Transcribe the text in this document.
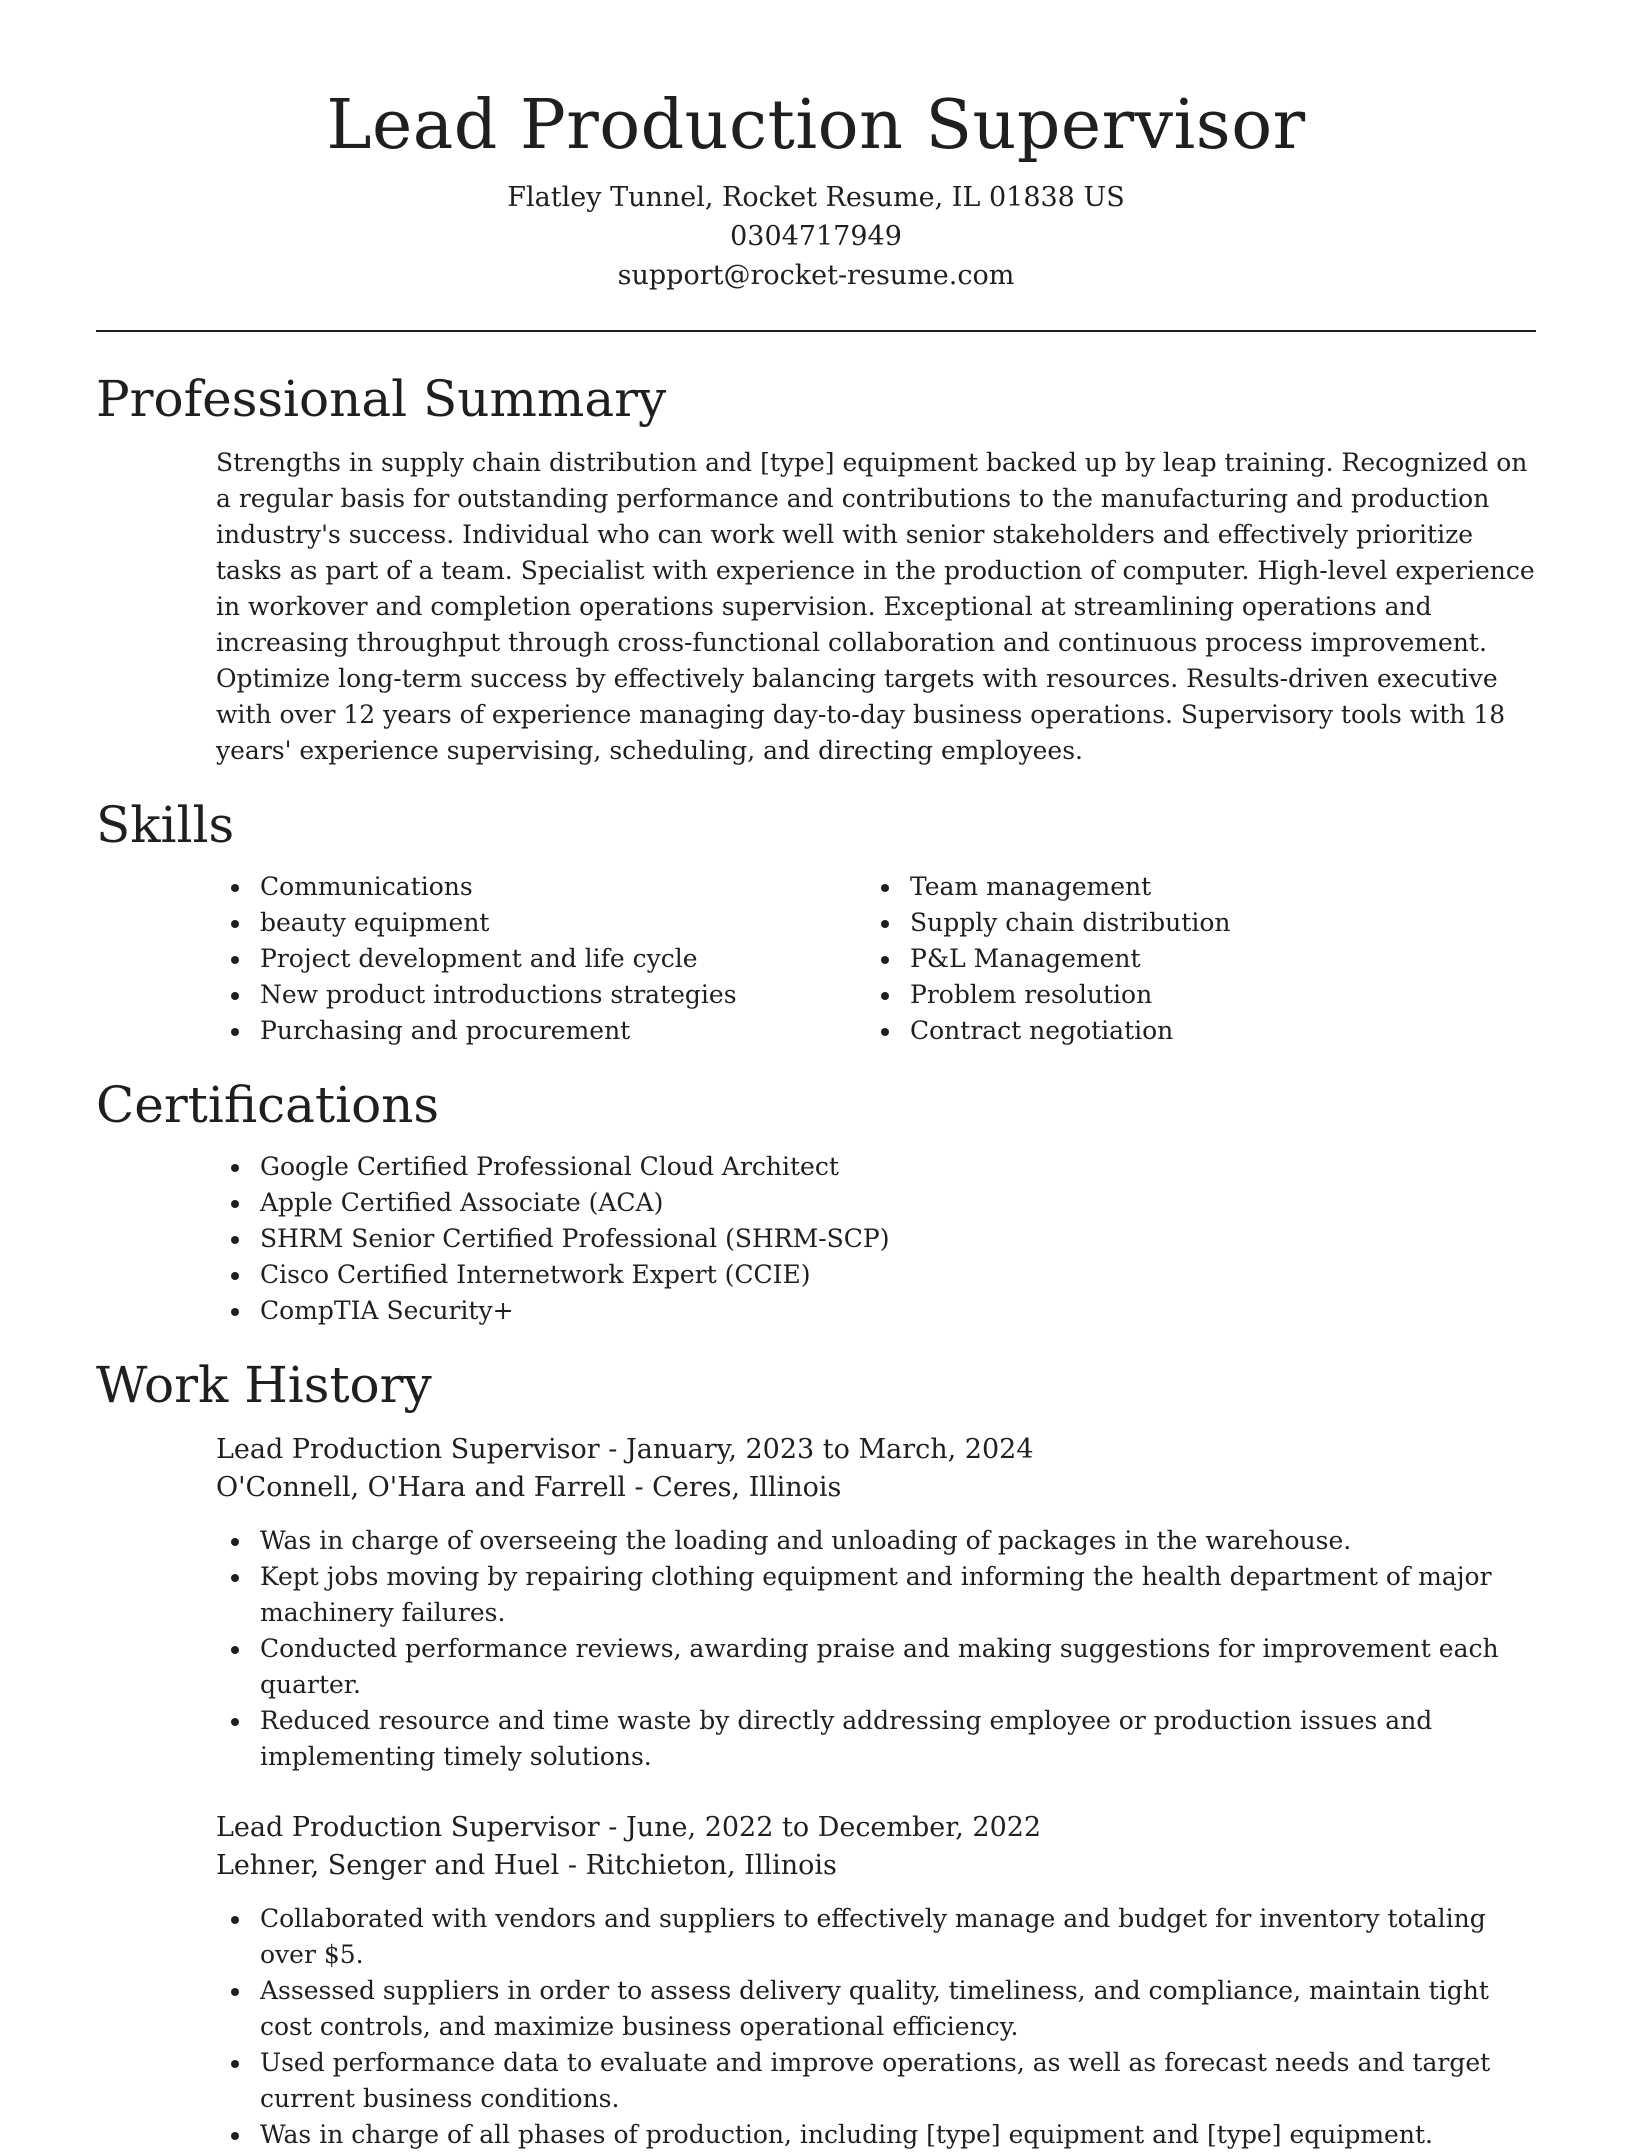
Lead Production Supervisor
Flatley Tunnel, Rocket Resume, IL 01838 US
0304717949
support@rocket-resume.com
Professional Summary

Strengths in supply chain distribution and [type] equipment backed up by leap training. Recognized on a regular basis for outstanding performance and contributions to the manufacturing and production industry's success. Individual who can work well with senior stakeholders and effectively prioritize tasks as part of a team. Specialist with experience in the production of computer. High-level experience in workover and completion operations supervision. Exceptional at streamlining operations and increasing throughput through cross-functional collaboration and continuous process improvement. Optimize long-term success by effectively balancing targets with resources. Results-driven executive with over 12 years of experience managing day-to-day business operations. Supervisory tools with 18 years' experience supervising, scheduling, and directing employees.

Skills
Communications
beauty equipment
Project development and life cycle
New product introductions strategies
Purchasing and procurement
Team management
Supply chain distribution
P&L Management
Problem resolution
Contract negotiation
Certifications
Google Certified Professional Cloud Architect
Apple Certified Associate (ACA)
SHRM Senior Certified Professional (SHRM-SCP)
Cisco Certified Internetwork Expert (CCIE)
CompTIA Security+
Work History
Lead Production Supervisor - January, 2023 to March, 2024
O'Connell, O'Hara and Farrell - Ceres, Illinois
Was in charge of overseeing the loading and unloading of packages in the warehouse.
Kept jobs moving by repairing clothing equipment and informing the health department of major machinery failures.
Conducted performance reviews, awarding praise and making suggestions for improvement each quarter.
Reduced resource and time waste by directly addressing employee or production issues and implementing timely solutions.
Lead Production Supervisor - June, 2022 to December, 2022
Lehner, Senger and Huel - Ritchieton, Illinois
Collaborated with vendors and suppliers to effectively manage and budget for inventory totaling over $5.
Assessed suppliers in order to assess delivery quality, timeliness, and compliance, maintain tight cost controls, and maximize business operational efficiency.
Used performance data to evaluate and improve operations, as well as forecast needs and target current business conditions.
Was in charge of all phases of production, including [type] equipment and [type] equipment.
